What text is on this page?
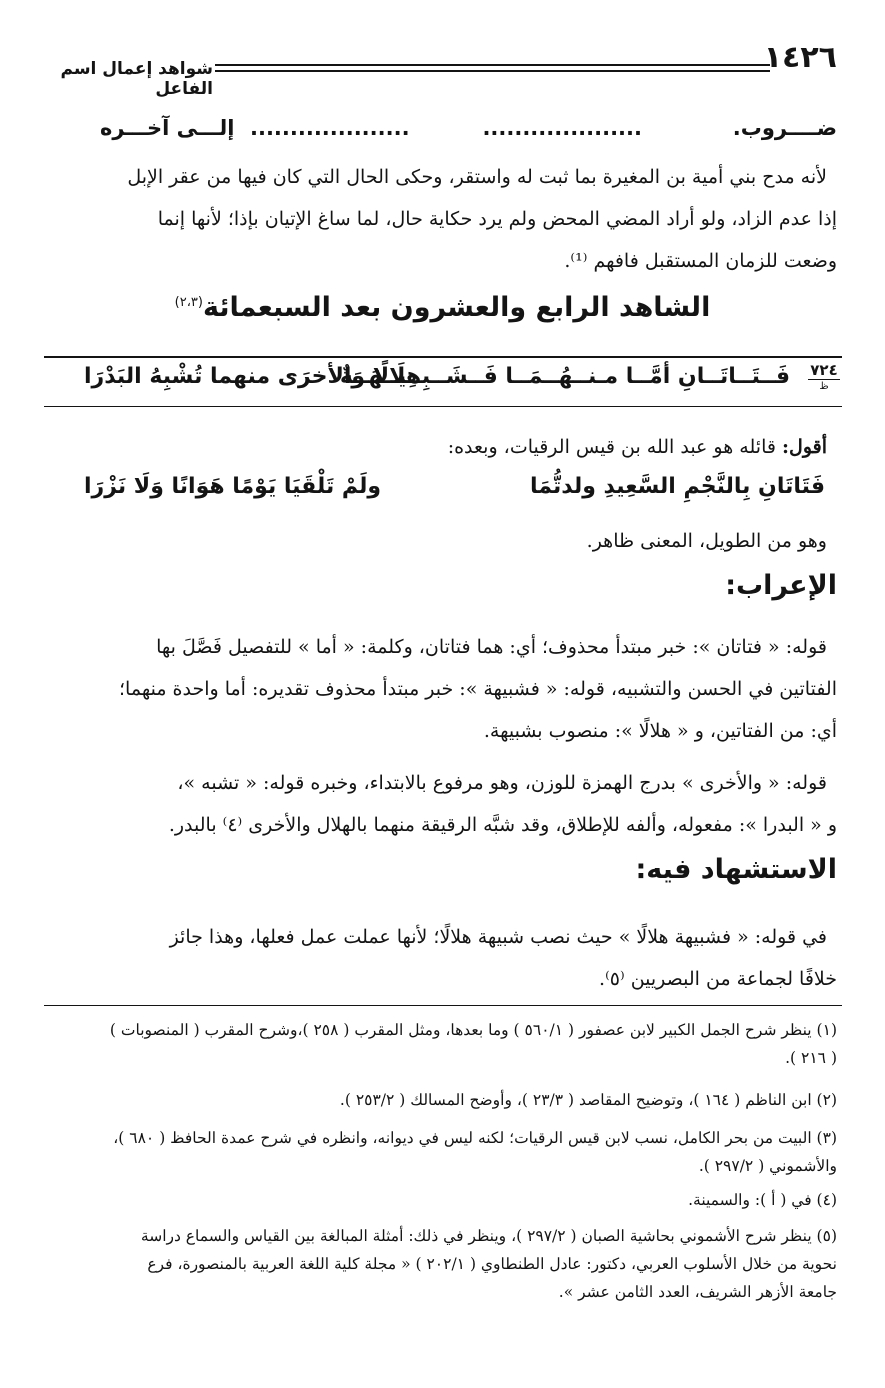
١٤٢٦
شواهد إعمال اسم الفاعل
ضــــروب.
....................
إلـــى آخـــره ....................
لأنه مدح بني أمية بن المغيرة بما ثبت له واستقر، وحكى الحال التي كان فيها من عقر الإبل
إذا عدم الزاد، ولو أراد المضي المحض ولم يرد حكاية حال، لما ساغ الإتيان بإذا؛ لأنها إنما
وضعت للزمان المستقبل فافهم ⁽¹⁾.
الشاهد الرابع والعشرون بعد السبعمائة$^{(٢،٣)}$
٧٢٤
ظ
فَــتَــاتَــانِ أمَّــا مـنــهُــمَــا فَــشَــبِــيــهَــةٌ
هِلَالًا وَالأخرَى منهما تُشْبِهُ البَدْرَا
أقول: قائله هو عبد الله بن قيس الرقيات، وبعده:
فَتَاتَانِ بِالنَّجْمِ السَّعِيدِ ولدتُّمَا
ولَمْ تَلْقَيَا يَوْمًا هَوَانًا وَلَا نَزْرَا
وهو من الطويل، المعنى ظاهر.
الإعراب:
قوله: « فتاتان »: خبر مبتدأ محذوف؛ أي: هما فتاتان، وكلمة: « أما » للتفصيل فَصَّلَ بها
الفتاتين في الحسن والتشبيه، قوله: « فشبيهة »: خبر مبتدأ محذوف تقديره: أما واحدة منهما؛
أي: من الفتاتين، و « هلالًا »: منصوب بشبيهة.
قوله: « والأخرى » بدرج الهمزة للوزن، وهو مرفوع بالابتداء، وخبره قوله: « تشبه »،
و « البدرا »: مفعوله، وألفه للإطلاق، وقد شبَّه الرقيقة منهما بالهلال والأخرى ⁽٤⁾ بالبدر.
الاستشهاد فيه:
في قوله: « فشبيهة هلالًا » حيث نصب شبيهة هلالًا؛ لأنها عملت عمل فعلها، وهذا جائز
خلافًا لجماعة من البصريين ⁽٥⁾.
(١) ينظر شرح الجمل الكبير لابن عصفور ( ٥٦٠/١ ) وما بعدها، ومثل المقرب ( ٢٥٨ )،وشرح المقرب ( المنصوبات )
( ٢١٦ ).
(٢) ابن الناظم ( ١٦٤ )، وتوضيح المقاصد ( ٢٣/٣ )، وأوضح المسالك ( ٢٥٣/٢ ).
(٣) البيت من بحر الكامل، نسب لابن قيس الرقيات؛ لكنه ليس في ديوانه، وانظره في شرح عمدة الحافظ ( ٦٨٠ )،
والأشموني ( ٢٩٧/٢ ).
(٤) في ( أ ): والسمينة.
(٥) ينظر شرح الأشموني بحاشية الصبان ( ٢٩٧/٢ )، وينظر في ذلك: أمثلة المبالغة بين القياس والسماع دراسة
نحوية من خلال الأسلوب العربي، دكتور: عادل الطنطاوي ( ٢٠٢/١ ) « مجلة كلية اللغة العربية بالمنصورة، فرع
جامعة الأزهر الشريف، العدد الثامن عشر ».
